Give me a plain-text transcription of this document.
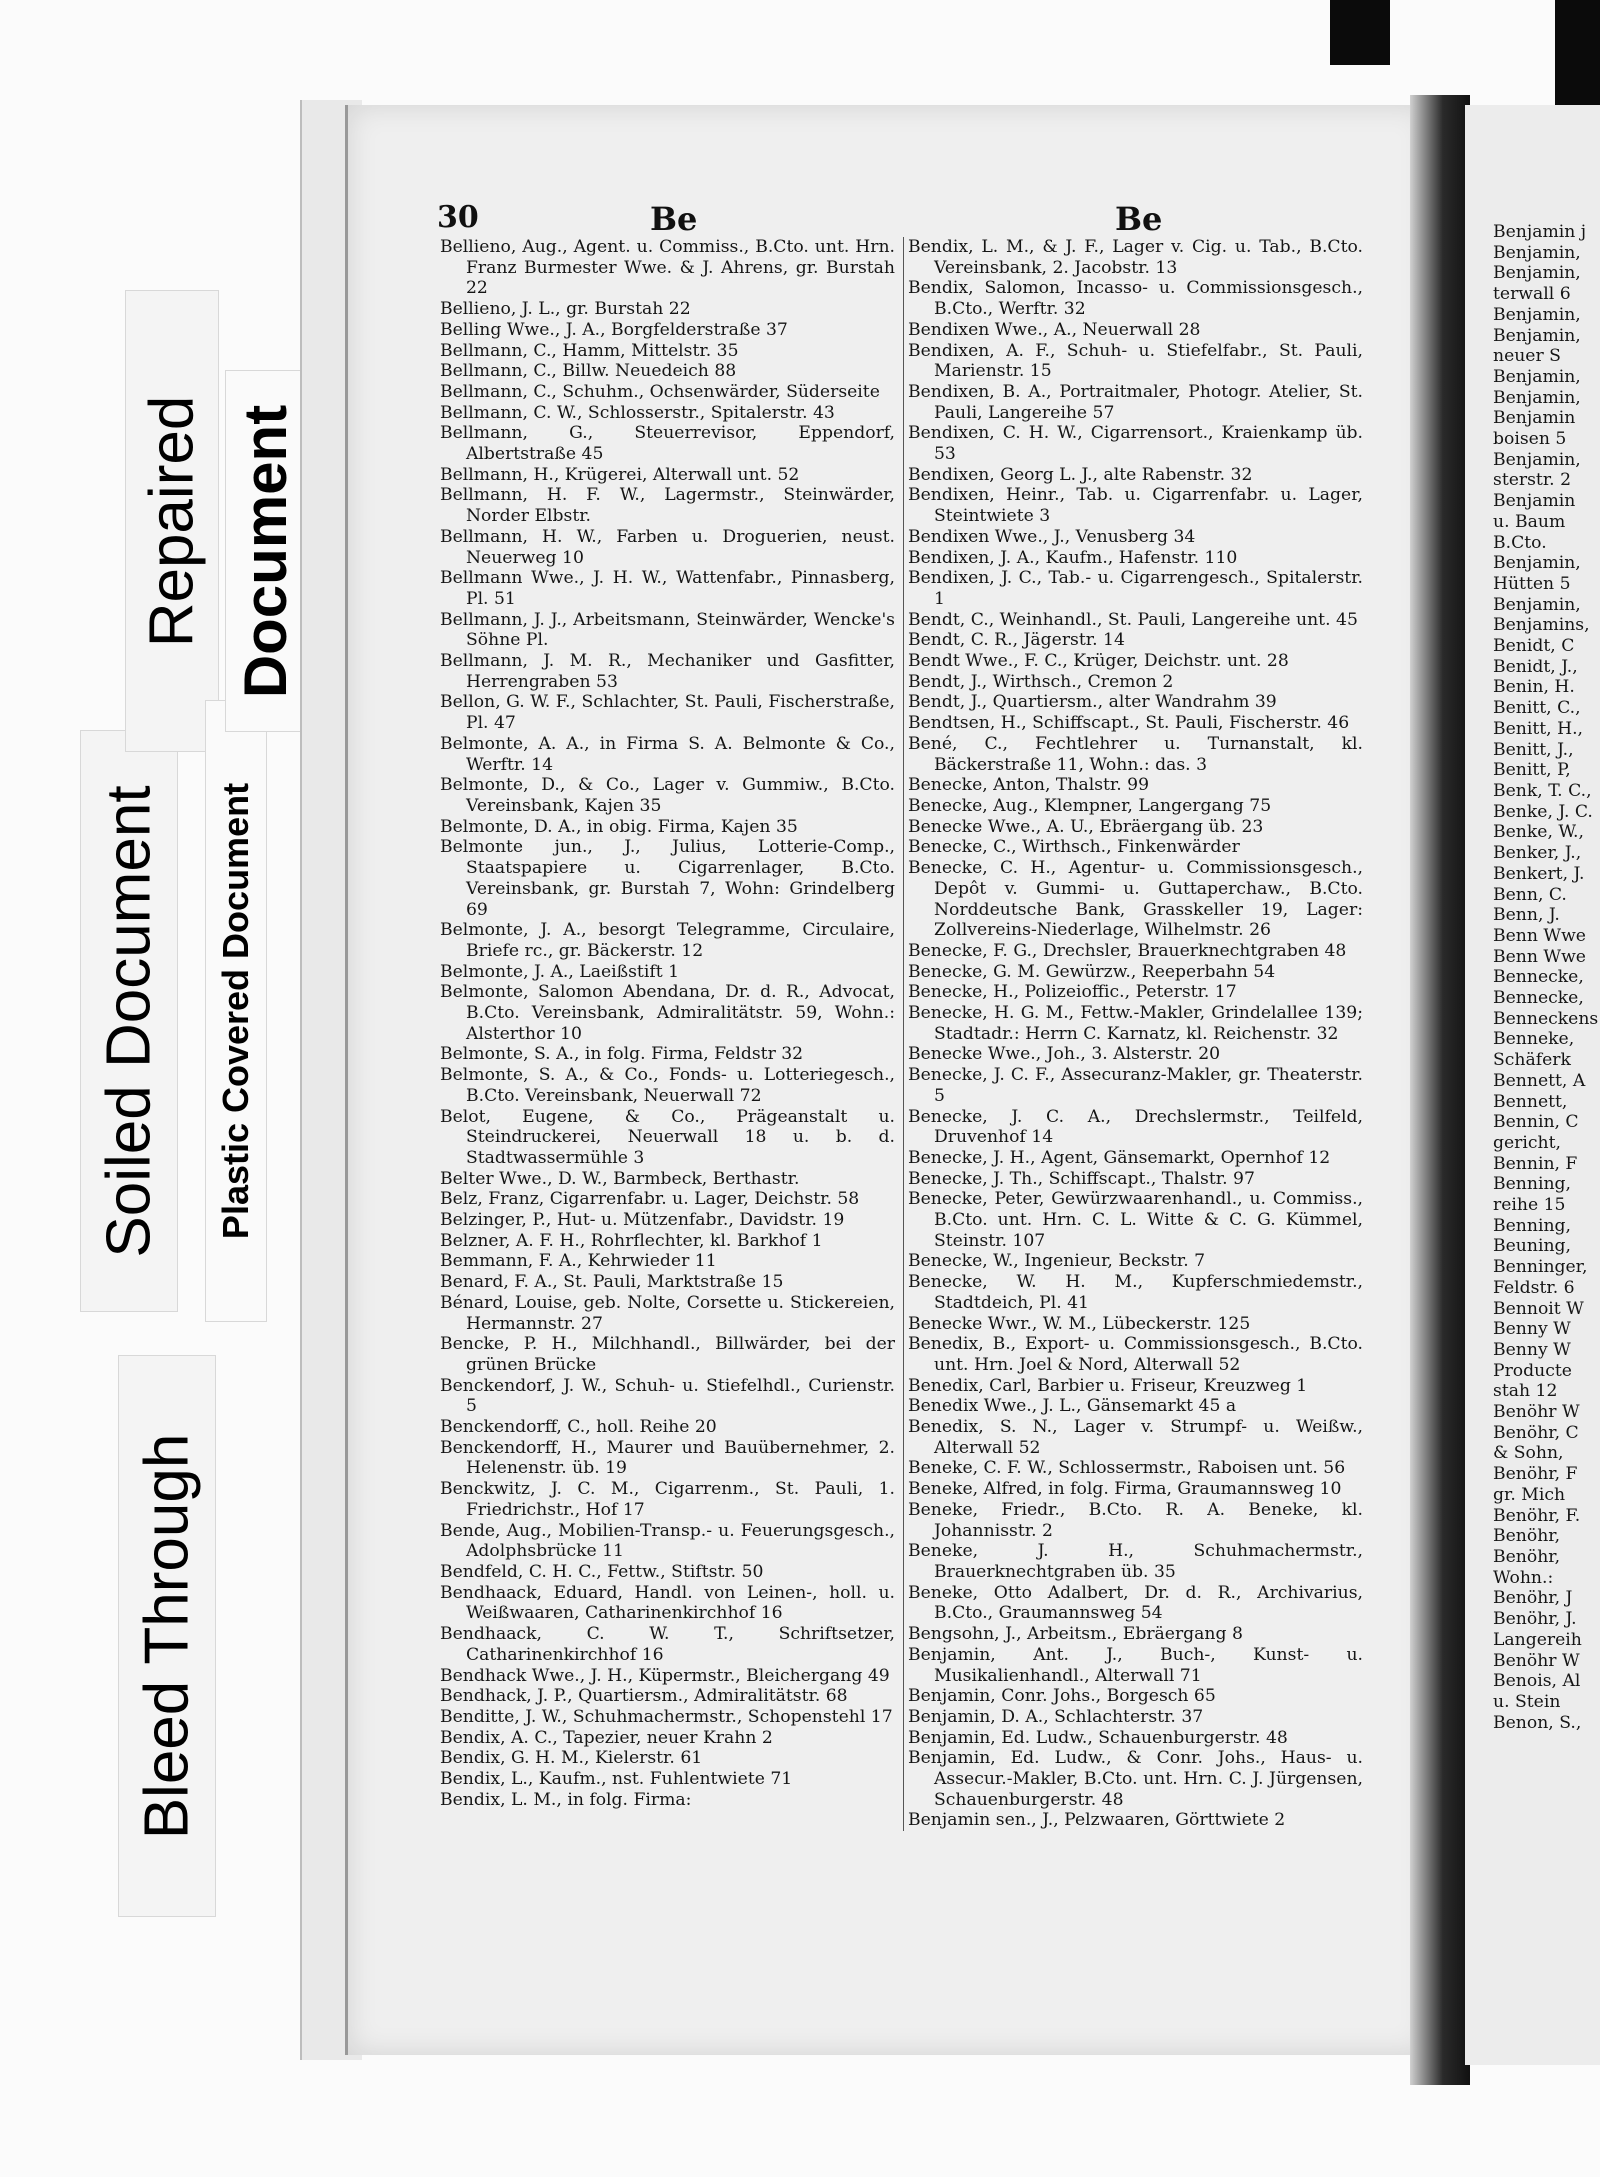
Bleed Through
Soiled Document
Repaired
Plastic Covered Document
Document
30	Be	Be
Bellieno, Aug., Agent. u. Commiss., B.Cto. unt. Hrn. Franz Burmester Wwe. & J. Ahrens, gr. Burstah 22
Bellieno, J. L., gr. Burstah 22
Belling Wwe., J. A., Borgfelderstraße 37
Bellmann, C., Hamm, Mittelstr. 35
Bellmann, C., Billw. Neuedeich 88
Bellmann, C., Schuhm., Ochsenwärder, Süderseite
Bellmann, C. W., Schlosserstr., Spitalerstr. 43
Bellmann, G., Steuerrevisor, Eppendorf, Albertstraße 45
Bellmann, H., Krügerei, Alterwall unt. 52
Bellmann, H. F. W., Lagermstr., Steinwärder, Norder Elbstr.
Bellmann, H. W., Farben u. Droguerien, neust. Neuerweg 10
Bellmann Wwe., J. H. W., Wattenfabr., Pinnasberg, Pl. 51
Bellmann, J. J., Arbeitsmann, Steinwärder, Wencke's Söhne Pl.
Bellmann, J. M. R., Mechaniker und Gasfitter, Herrengraben 53
Bellon, G. W. F., Schlachter, St. Pauli, Fischerstraße, Pl. 47
Belmonte, A. A., in Firma S. A. Belmonte & Co., Werftr. 14
Belmonte, D., & Co., Lager v. Gummiw., B.Cto. Vereinsbank, Kajen 35
Belmonte, D. A., in obig. Firma, Kajen 35
Belmonte jun., J., Julius, Lotterie-Comp., Staatspapiere u. Cigarrenlager, B.Cto. Vereinsbank, gr. Burstah 7, Wohn: Grindelberg 69
Belmonte, J. A., besorgt Telegramme, Circulaire, Briefe rc., gr. Bäckerstr. 12
Belmonte, J. A., Laeißstift 1
Belmonte, Salomon Abendana, Dr. d. R., Advocat, B.Cto. Vereinsbank, Admiralitätstr. 59, Wohn.: Alsterthor 10
Belmonte, S. A., in folg. Firma, Feldstr 32
Belmonte, S. A., & Co., Fonds- u. Lotteriegesch., B.Cto. Vereinsbank, Neuerwall 72
Belot, Eugene, & Co., Prägeanstalt u. Steindruckerei, Neuerwall 18 u. b. d. Stadtwassermühle 3
Belter Wwe., D. W., Barmbeck, Berthastr.
Belz, Franz, Cigarrenfabr. u. Lager, Deichstr. 58
Belzinger, P., Hut- u. Mützenfabr., Davidstr. 19
Belzner, A. F. H., Rohrflechter, kl. Barkhof 1
Bemmann, F. A., Kehrwieder 11
Benard, F. A., St. Pauli, Marktstraße 15
Bénard, Louise, geb. Nolte, Corsette u. Stickereien, Hermannstr. 27
Bencke, P. H., Milchhandl., Billwärder, bei der grünen Brücke
Benckendorf, J. W., Schuh- u. Stiefelhdl., Curienstr. 5
Benckendorff, C., holl. Reihe 20
Benckendorff, H., Maurer und Bauübernehmer, 2. Helenenstr. üb. 19
Benckwitz, J. C. M., Cigarrenm., St. Pauli, 1. Friedrichstr., Hof 17
Bende, Aug., Mobilien-Transp.- u. Feuerungsgesch., Adolphsbrücke 11
Bendfeld, C. H. C., Fettw., Stiftstr. 50
Bendhaack, Eduard, Handl. von Leinen-, holl. u. Weißwaaren, Catharinenkirchhof 16
Bendhaack, C. W. T., Schriftsetzer, Catharinenkirchhof 16
Bendhack Wwe., J. H., Küpermstr., Bleichergang 49
Bendhack, J. P., Quartiersm., Admiralitätstr. 68
Benditte, J. W., Schuhmachermstr., Schopenstehl 17
Bendix, A. C., Tapezier, neuer Krahn 2
Bendix, G. H. M., Kielerstr. 61
Bendix, L., Kaufm., nst. Fuhlentwiete 71
Bendix, L. M., in folg. Firma:
Bendix, L. M., & J. F., Lager v. Cig. u. Tab., B.Cto. Vereinsbank, 2. Jacobstr. 13
Bendix, Salomon, Incasso- u. Commissionsgesch., B.Cto., Werftr. 32
Bendixen Wwe., A., Neuerwall 28
Bendixen, A. F., Schuh- u. Stiefelfabr., St. Pauli, Marienstr. 15
Bendixen, B. A., Portraitmaler, Photogr. Atelier, St. Pauli, Langereihe 57
Bendixen, C. H. W., Cigarrensort., Kraienkamp üb. 53
Bendixen, Georg L. J., alte Rabenstr. 32
Bendixen, Heinr., Tab. u. Cigarrenfabr. u. Lager, Steintwiete 3
Bendixen Wwe., J., Venusberg 34
Bendixen, J. A., Kaufm., Hafenstr. 110
Bendixen, J. C., Tab.- u. Cigarrengesch., Spitalerstr. 1
Bendt, C., Weinhandl., St. Pauli, Langereihe unt. 45
Bendt, C. R., Jägerstr. 14
Bendt Wwe., F. C., Krüger, Deichstr. unt. 28
Bendt, J., Wirthsch., Cremon 2
Bendt, J., Quartiersm., alter Wandrahm 39
Bendtsen, H., Schiffscapt., St. Pauli, Fischerstr. 46
Bené, C., Fechtlehrer u. Turnanstalt, kl. Bäckerstraße 11, Wohn.: das. 3
Benecke, Anton, Thalstr. 99
Benecke, Aug., Klempner, Langergang 75
Benecke Wwe., A. U., Ebräergang üb. 23
Benecke, C., Wirthsch., Finkenwärder
Benecke, C. H., Agentur- u. Commissionsgesch., Depôt v. Gummi- u. Guttaperchaw., B.Cto. Norddeutsche Bank, Grasskeller 19, Lager: Zollvereins-Niederlage, Wilhelmstr. 26
Benecke, F. G., Drechsler, Brauerknechtgraben 48
Benecke, G. M. Gewürzw., Reeperbahn 54
Benecke, H., Polizeioffic., Peterstr. 17
Benecke, H. G. M., Fettw.-Makler, Grindelallee 139; Stadtadr.: Herrn C. Karnatz, kl. Reichenstr. 32
Benecke Wwe., Joh., 3. Alsterstr. 20
Benecke, J. C. F., Assecuranz-Makler, gr. Theaterstr. 5
Benecke, J. C. A., Drechslermstr., Teilfeld, Druvenhof 14
Benecke, J. H., Agent, Gänsemarkt, Opernhof 12
Benecke, J. Th., Schiffscapt., Thalstr. 97
Benecke, Peter, Gewürzwaarenhandl., u. Commiss., B.Cto. unt. Hrn. C. L. Witte & C. G. Kümmel, Steinstr. 107
Benecke, W., Ingenieur, Beckstr. 7
Benecke, W. H. M., Kupferschmiedemstr., Stadtdeich, Pl. 41
Benecke Wwr., W. M., Lübeckerstr. 125
Benedix, B., Export- u. Commissionsgesch., B.Cto. unt. Hrn. Joel & Nord, Alterwall 52
Benedix, Carl, Barbier u. Friseur, Kreuzweg 1
Benedix Wwe., J. L., Gänsemarkt 45 a
Benedix, S. N., Lager v. Strumpf- u. Weißw., Alterwall 52
Beneke, C. F. W., Schlossermstr., Raboisen unt. 56
Beneke, Alfred, in folg. Firma, Graumannsweg 10
Beneke, Friedr., B.Cto. R. A. Beneke, kl. Johannisstr. 2
Beneke, J. H., Schuhmachermstr., Brauerknechtgraben üb. 35
Beneke, Otto Adalbert, Dr. d. R., Archivarius, B.Cto., Graumannsweg 54
Bengsohn, J., Arbeitsm., Ebräergang 8
Benjamin, Ant. J., Buch-, Kunst- u. Musikalienhandl., Alterwall 71
Benjamin, Conr. Johs., Borgesch 65
Benjamin, D. A., Schlachterstr. 37
Benjamin, Ed. Ludw., Schauenburgerstr. 48
Benjamin, Ed. Ludw., & Conr. Johs., Haus- u. Assecur.-Makler, B.Cto. unt. Hrn. C. J. Jürgensen, Schauenburgerstr. 48
Benjamin sen., J., Pelzwaaren, Görttwiete 2
Benjamin j
Benjamin,
Benjamin,
terwall 6
Benjamin,
Benjamin,
neuer S
Benjamin,
Benjamin,
Benjamin
boisen 5
Benjamin,
sterstr. 2
Benjamin
u. Baum
B.Cto.
Benjamin,
Hütten 5
Benjamin,
Benjamins,
Benidt, C
Benidt, J.,
Benin, H.
Benitt, C.,
Benitt, H.,
Benitt, J.,
Benitt, P,
Benk, T. C.,
Benke, J. C.
Benke, W.,
Benker, J.,
Benkert, J.
Benn, C.
Benn, J.
Benn Wwe
Benn Wwe
Bennecke,
Bennecke,
Benneckens
Benneke,
Schäferk
Bennett, A
Bennett,
Bennin, C
gericht,
Bennin, F
Benning,
reihe 15
Benning,
Beuning,
Benninger,
Feldstr. 6
Bennoit W
Benny W
Benny W
Producte
stah 12
Benöhr W
Benöhr, C
& Sohn,
Benöhr, F
gr. Mich
Benöhr, F.
Benöhr,
Benöhr,
Wohn.:
Benöhr, J
Benöhr, J.
Langereih
Benöhr W
Benois, Al
u. Stein
Benon, S.,
